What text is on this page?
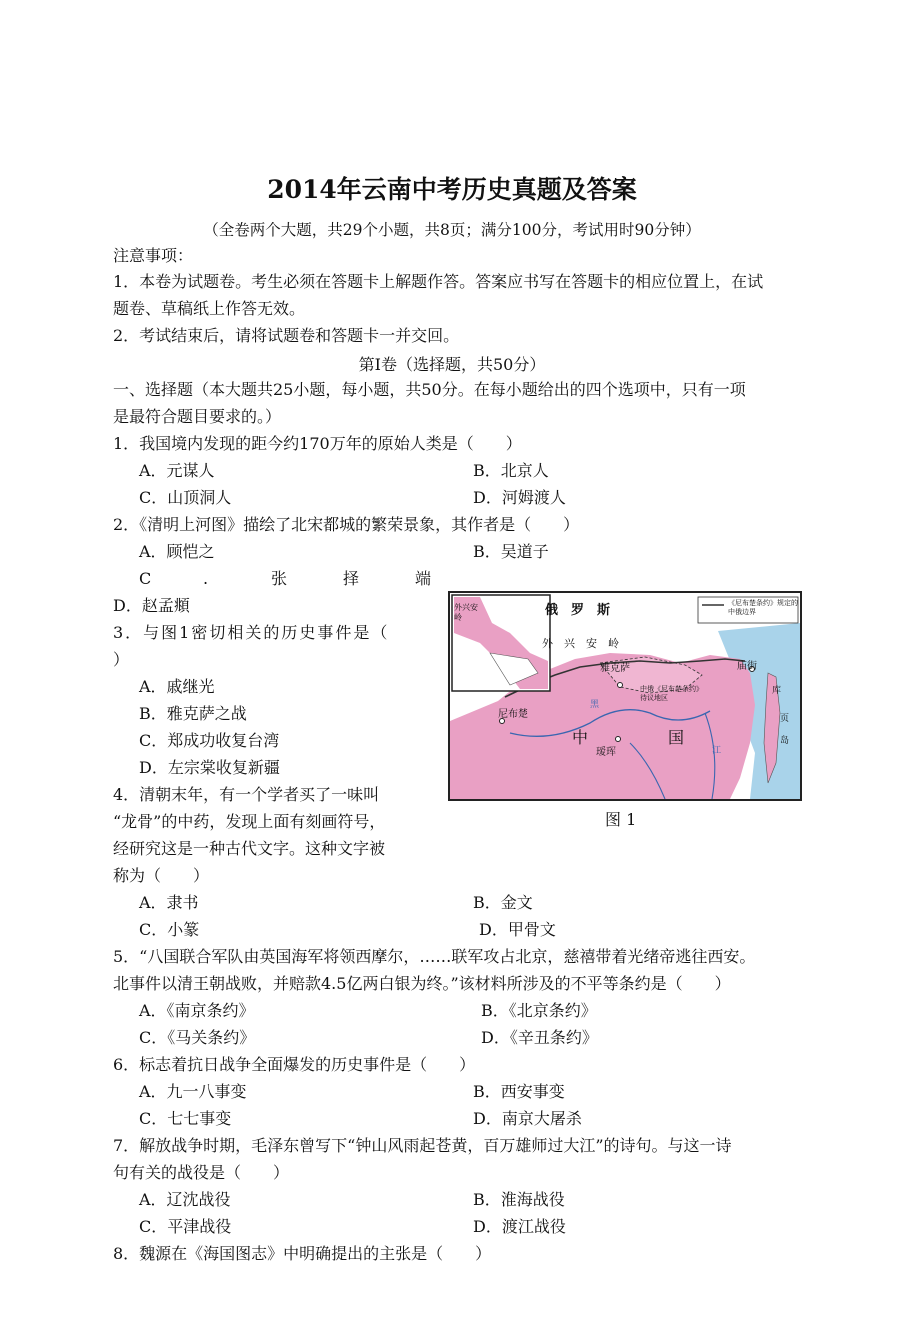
2014年云南中考历史真题及答案
（全卷两个大题，共29个小题，共8页；满分100分，考试用时90分钟）
注意事项：
1．本卷为试题卷。考生必须在答题卡上解题作答。答案应书写在答题卡的相应位置上，在试
题卷、草稿纸上作答无效。
2．考试结束后，请将试题卷和答题卡一并交回。
第Ⅰ卷（选择题，共50分）
一、选择题（本大题共25小题，每小题，共50分。在每小题给出的四个选项中，只有一项
是最符合题目要求的。）
1．我国境内发现的距今约170万年的原始人类是（　　）
A．元谋人	B．北京人
C．山顶洞人	D．河姆渡人
2．《清明上河图》描绘了北宋都城的繁荣景象，其作者是（　　）
A．顾恺之	B．吴道子
C	.	张	择	端
D．赵孟頫
3．与图1密切相关的历史事件是（
）
A．戚继光
B．雅克萨之战
C．郑成功收复台湾
D．左宗棠收复新疆
4．清朝末年，有一个学者买了一味叫
“龙骨”的中药，发现上面有刻画符号，
经研究这是一种古代文字。这种文字被
称为（　　）
A．隶书	B．金文
C．小篆	D．甲骨文
5．“八国联合军队由英国海军将领西摩尔，……联军攻占北京，慈禧带着光绪帝逃往西安。
北事件以清王朝战败，并赔款4.5亿两白银为终。”该材料所涉及的不平等条约是（　　）
A．《南京条约》	B．《北京条约》
C．《马关条约》	D．《辛丑条约》
6．标志着抗日战争全面爆发的历史事件是（　　）
A．九一八事变	B．西安事变
C．七七事变	D．南京大屠杀
7．解放战争时期，毛泽东曾写下“钟山风雨起苍黄，百万雄师过大江”的诗句。与这一诗
句有关的战役是（　　）
A．辽沈战役	B．淮海战役
C．平津战役	D．渡江战役
8．魏源在《海国图志》中明确提出的主张是（　　）
俄　罗　斯	《尼布楚条约》规定的中俄边界
外兴安岭
外　兴　安　岭
雅克萨
尼布楚
中俄《尼布楚条约》待议地区
中	国
瑷珲
庙街
库
页
岛
黑
江
图 1
